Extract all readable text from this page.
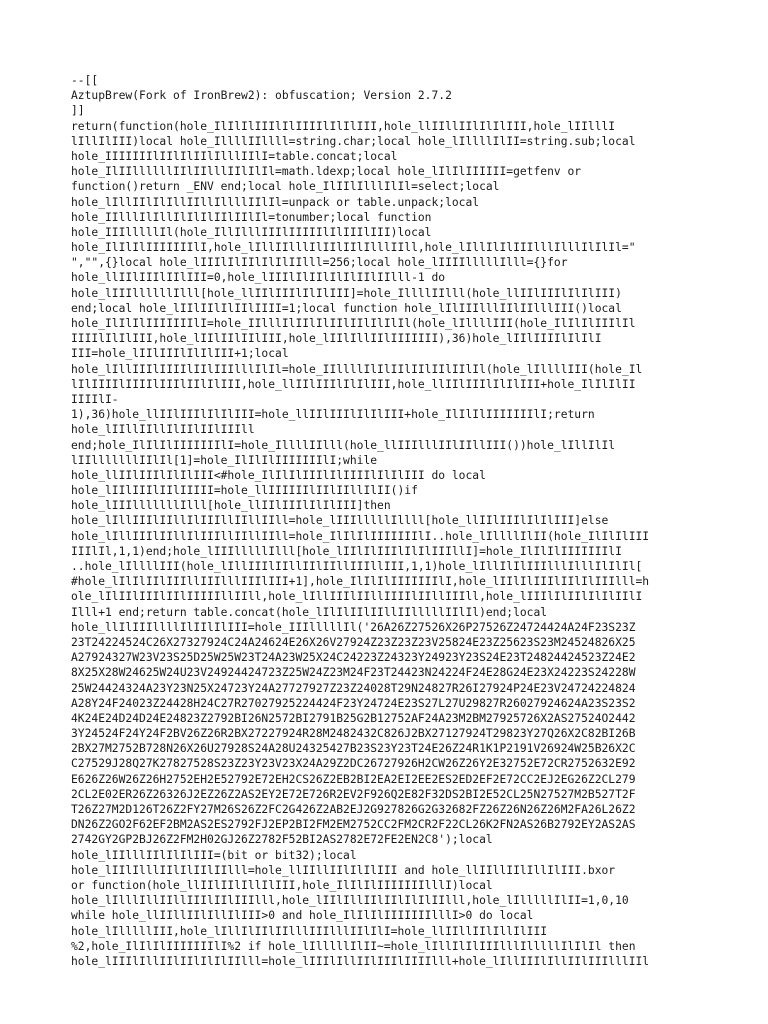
--[[
AztupBrew(Fork of IronBrew2): obfuscation; Version 2.7.2
]]
return(function(hole_IlIlIlIIIlIlIIIIlIlIlIII,hole_llIIllIIlIlIlIII,hole_lIIlllI
lIllIlIII)local hole_IllllIIllll=string.char;local hole_lIllllIlII=string.sub;local
hole_IIIIIIIlIIlIlIIlIlllIIlI=table.concat;local
hole_IlIIllllllIIlIIlllIIlIlIl=math.ldexp;local hole_lIlIlIIIIII=getfenv or
function()return _ENV end;local hole_IlIIlIlllIlIl=select;local
hole_lIllIIlIlIllIIllIllllIIlIl=unpack or table.unpack;local
hole_IIlllIlIllIlIlIlIIlIIlIl=tonumber;local function
hole_IIIlllllIl(hole_IllIlllIIIlIIIIIlIlIIIlIII)local
hole_IlIlIlIIIIIIIlI,hole_lIllIIlllIlIIlIIlIlllIIll,hole_lIllIlIlIIIlllIlllIlIlIl="
","",{}local hole_lIIIlIlIIlIlIlIIlll=256;local hole_lIIIIlllllIlll={}for
hole_llIIlIIIlIIlIII=0,hole_lIIIlIlIIlIlIlIIlIIlll-1 do
hole_lIIIllllllIlll[hole_llIIlIIIlIlIlIII]=hole_IllllIIlll(hole_llIIlIIIlIlIlIII)
end;local hole_lIIlIIlIlIIlIIII=1;local function hole_lIlIIIlllIIlIIlllIII()local
hole_IlIlIlIIIIIIIlI=hole_IIlllIlIIlIlIIlIIlIlIlIl(hole_lIllllIII(hole_IlIlIlIIIlIl
IIIIlIlIlIII,hole_lIIlIIlIIlIII,hole_lIIlIllIIlIIIIIII),36)hole_lIIlIIIIlIlIlI
III=hole_lIIlIIIlIlIlIII+1;local
hole_lIllIIIlIIIIlIIlIIIlllIlIl=hole_IIllllIlIlIIlIIlIIlIIlIl(hole_lIllllIII(hole_Il
lIlIIIIlIIIIlIIIlIIlIlIII,hole_llIIlIIIlIlIlIII,hole_llIIlIIIlIlIlIII+hole_IlIlIlII
IIIIlI-
1),36)hole_llIIlIIIlIlIlIII=hole_llIIlIIIlIlIlIII+hole_IlIlIlIIIIIIIlI;return
hole_lIIllIIllIlIIlIIlIIIll
end;hole_IlIlIlIIIIIIIlI=hole_IllllIIlll(hole_llIIIlllIIlIIllIII())hole_lIllIlIl
lIIlllllllIIlIl[1]=hole_IlIlIlIIIIIIIlI;while
hole_llIIlIIIlIlIlIII<#hole_IlIlIlIIIlIlIIIIlIlIlIII do local
hole_lIIlIIIlIIlIIIII=hole_llIIIIIIlIIlIIllIlII()if
hole_lIIIlllllllIlll[hole_llIIlIIIlIlIlIII]then
hole_lIllIIIlIIllIlIIIllIIllIIll=hole_lIIIlllllIllll[hole_llIIlIIIlIlIlIII]else
hole_lIllIIIlIIllIlIIIllIIllIIll=hole_IlIlIlIIIIIIIlI..hole_lIllllIlII(hole_IlIlIlIII
IIIlIl,1,1)end;hole_lIIIlllllIlll[hole_lIIlIlIIIlIlIlIIIllI]=hole_IlIlIlIIIIIIIlI
..hole_lIllllIII(hole_lIllIIIlIIllIIlIIllIIIllIII,1,1)hole_lIllIlIlIIIlllIlllIlIlIl[
#hole_lIlIlIIlIIIllIIIlllIIIlIII+1],hole_IlIlIlIIIIIIIlI,hole_lIIlIlIIIlIIlIlIIIlll=h
ole_lIlIIlIIIlIIlIIIIIllIIll,hole_lIllIIIlIIllIIIIlIIllIIIll,hole_lIIIlIlIIlIlIlIIlI
Illl+1 end;return table.concat(hole_lIlIlIIlIIllIIlllllIIlIl)end;local
hole_llIlIIIllllIlIIlIlIII=hole_IIIlllllIl('26A26Z27526X26P27526Z24724424A24F23S23Z
23T24224524C26X27327924C24A24624E26X26V27924Z23Z23Z23V25824E23Z25623S23M24524826X25
A27924327W23V23S25D25W25W23T24A23W25X24C24223Z24323Y24923Y23S24E23T24824424523Z24E2
8X25X28W24625W24U23V24924424723Z25W24Z23M24F23T24423N24224F24E28G24E23X24223S24228W
25W24424324A23Y23N25X24723Y24A27727927Z23Z24028T29N24827R26I27924P24E23V24724224824
A28Y24F24023Z24428H24C27R27027925224424F23Y24724E23S27L27U29827R26027924624A23S23S2
4K24E24D24D24E24823Z2792BI26N2572BI2791B25G2B12752AF24A23M2BM27925726X2AS27524O2442
3Y24524F24Y24F2BV26Z26R2BX27227924R28M2482432C826J2BX27127924T29823Y27Q26X2C82BI26B
2BX27M2752B728N26X26U27928S24A28U24325427B23S23Y23T24E26Z24R1K1P2191V26924W25B26X2C
C27529J28Q27K27827528S23Z23Y23V23X24A29Z2DC26727926H2CW26Z26Y2E32752E72CR2752632E92
E626Z26W26Z26H2752EH2E52792E72EH2CS26Z2EB2BI2EA2EI2EE2ES2ED2EF2E72CC2EJ2EG26Z2CL279
2CL2E02ER26Z26326J2EZ26Z2AS2EY2E72E726R2EV2F926Q2E82F32DS2BI2E52CL25N27527M2B527T2F
T26Z27M2D126T26Z2FY27M26S26Z2FC2G426Z2AB2EJ2G927826G2G32682FZ26Z26N26Z26M2FA26L26Z2
DN26Z2GO2F62EF2BM2AS2ES2792FJ2EP2BI2FM2EM2752CC2FM2CR2F22CL26K2FN2AS26B2792EY2AS2AS
2742GY2GP2BJ26Z2FM2H02GJ26Z2782F52BI2AS2782E72FE2EN2C8');local
hole_lIIlllIIlIlIlIII=(bit or bit32);local
hole_lIIlIlllIIlIlIIlIIlll=hole_llIIllIIlIlIlIII and hole_llIIllIIlIllIlIII.bxor
or function(hole_llIIlIIlIllIlIII,hole_IlIlIlIIIIIIIlllI)local
hole_lIlllIllIIllIIIlIIlIIIlll,hole_lIIlIllIIlIIlIlIlIIlll,hole_lIlllllIlII=1,0,10
while hole_llIIllIIlIllIlIII>0 and hole_IlIlIlIIIIIIIlllI>0 do local
hole_lIlllllIII,hole_lIllIlIIlIIlllIIIlllIIlIlI=hole_llIIllIIlIllIlIII
%2,hole_IlIlIlIIIIIIIlI%2 if hole_lIlllllIlII~=hole_lIllIlIlIIIlllIlllllIlIlIl then
hole_lIIIlIllIIlIIlIlIlIIlll=hole_lIIIlIllIIlIIIlIIIIlll+hole_lIllIIIlIllIIlIIIlllIIl
